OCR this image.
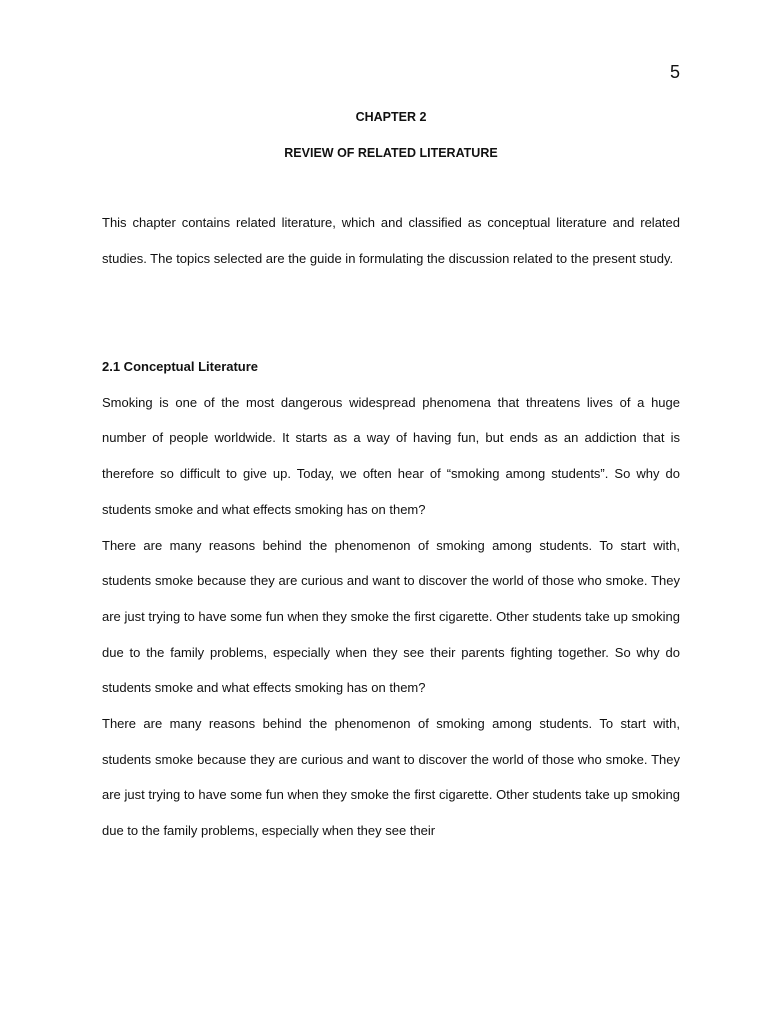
5
CHAPTER 2
REVIEW OF RELATED LITERATURE

This chapter contains related literature, which and classified as conceptual literature and related studies. The topics selected are the guide in formulating the discussion related to the present study.

2.1 Conceptual Literature

Smoking is one of the most dangerous widespread phenomena that threatens lives of a huge number of people worldwide. It starts as a way of having fun, but ends as an addiction that is therefore so difficult to give up. Today, we often hear of “smoking among students”. So why do students smoke and what effects smoking has on them?

There are many reasons behind the phenomenon of smoking among students. To start with, students smoke because they are curious and want to discover the world of those who smoke. They are just trying to have some fun when they smoke the first cigarette. Other students take up smoking due to the family problems, especially when they see their parents fighting together. So why do students smoke and what effects smoking has on them?

There are many reasons behind the phenomenon of smoking among students. To start with, students smoke because they are curious and want to discover the world of those who smoke. They are just trying to have some fun when they smoke the first cigarette. Other students take up smoking due to the family problems, especially when they see their
